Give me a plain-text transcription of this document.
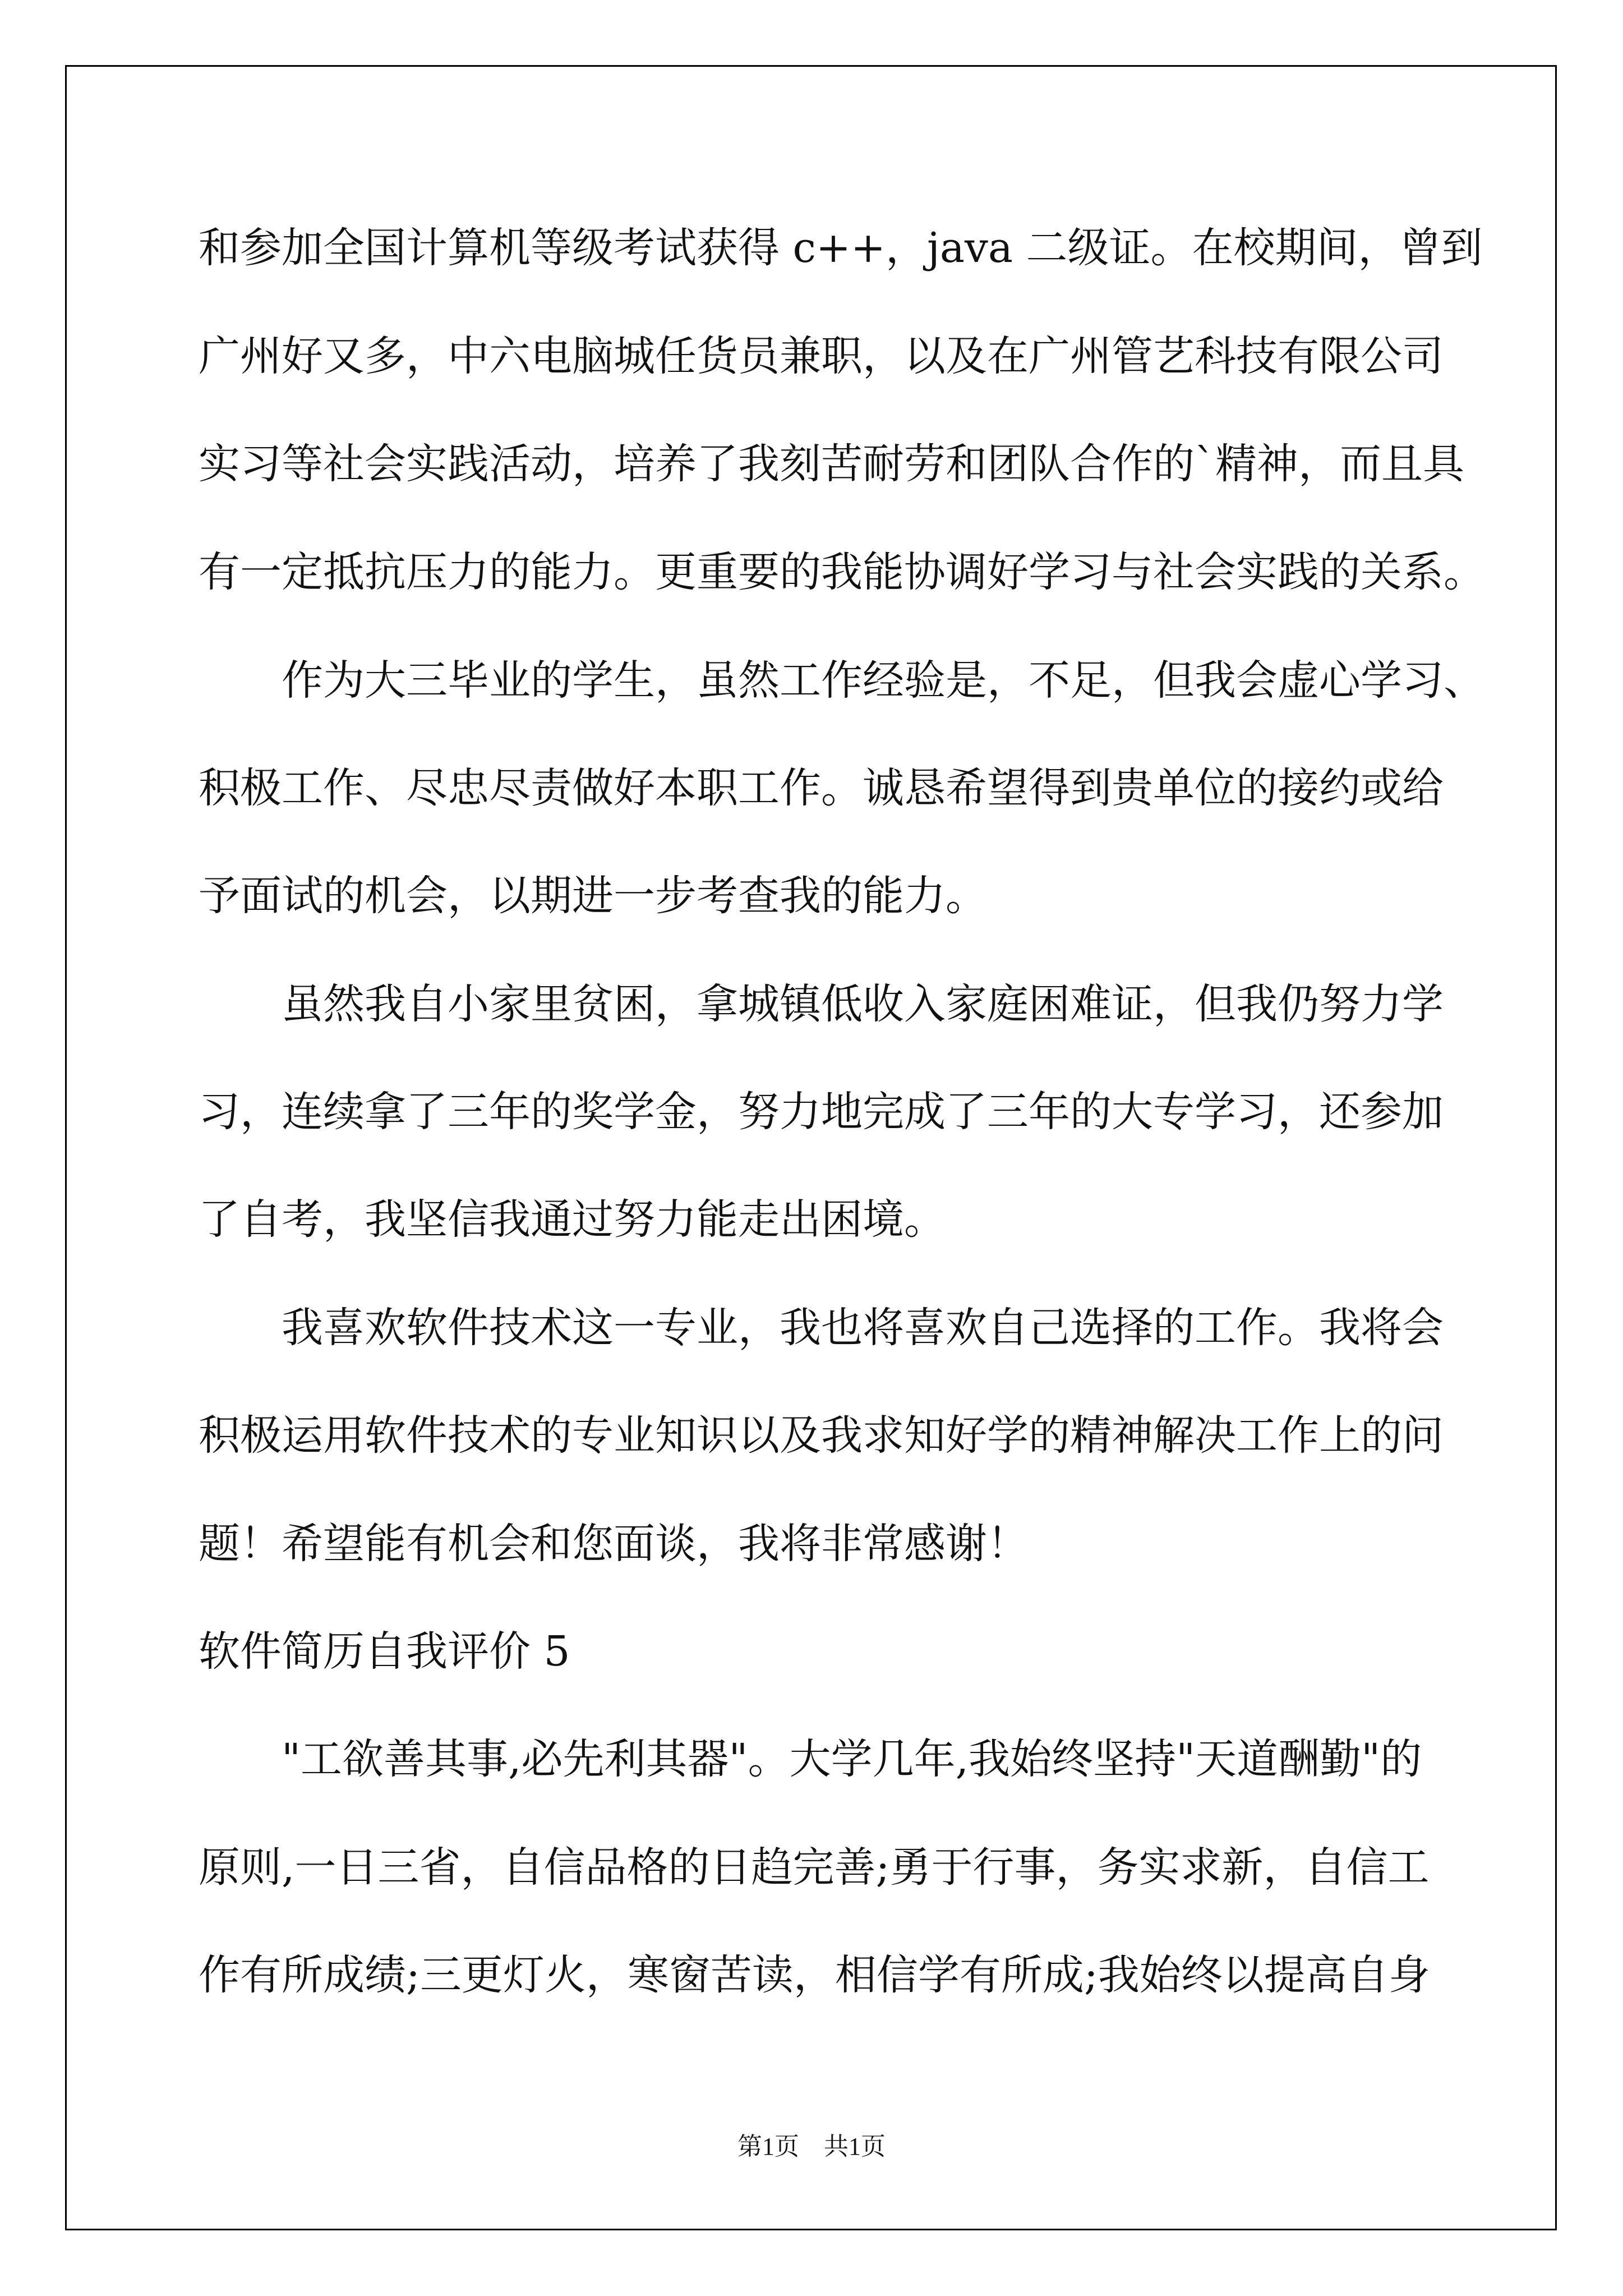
和参加全国计算机等级考试获得 c++，java 二级证。在校期间，曾到
广州好又多，中六电脑城任货员兼职，以及在广州管艺科技有限公司
实习等社会实践活动，培养了我刻苦耐劳和团队合作的`精神，而且具
有一定抵抗压力的能力。更重要的我能协调好学习与社会实践的关系。
作为大三毕业的学生，虽然工作经验是，不足，但我会虚心学习、
积极工作、尽忠尽责做好本职工作。诚恳希望得到贵单位的接约或给
予面试的机会，以期进一步考查我的能力。
虽然我自小家里贫困，拿城镇低收入家庭困难证，但我仍努力学
习，连续拿了三年的奖学金，努力地完成了三年的大专学习，还参加
了自考，我坚信我通过努力能走出困境。
我喜欢软件技术这一专业，我也将喜欢自己选择的工作。我将会
积极运用软件技术的专业知识以及我求知好学的精神解决工作上的问
题！希望能有机会和您面谈，我将非常感谢！
软件简历自我评价 5
"工欲善其事,必先利其器"。大学几年,我始终坚持"天道酬勤"的
原则,一日三省，自信品格的日趋完善;勇于行事，务实求新，自信工
作有所成绩;三更灯火，寒窗苦读，相信学有所成;我始终以提高自身
第1页　共1页
